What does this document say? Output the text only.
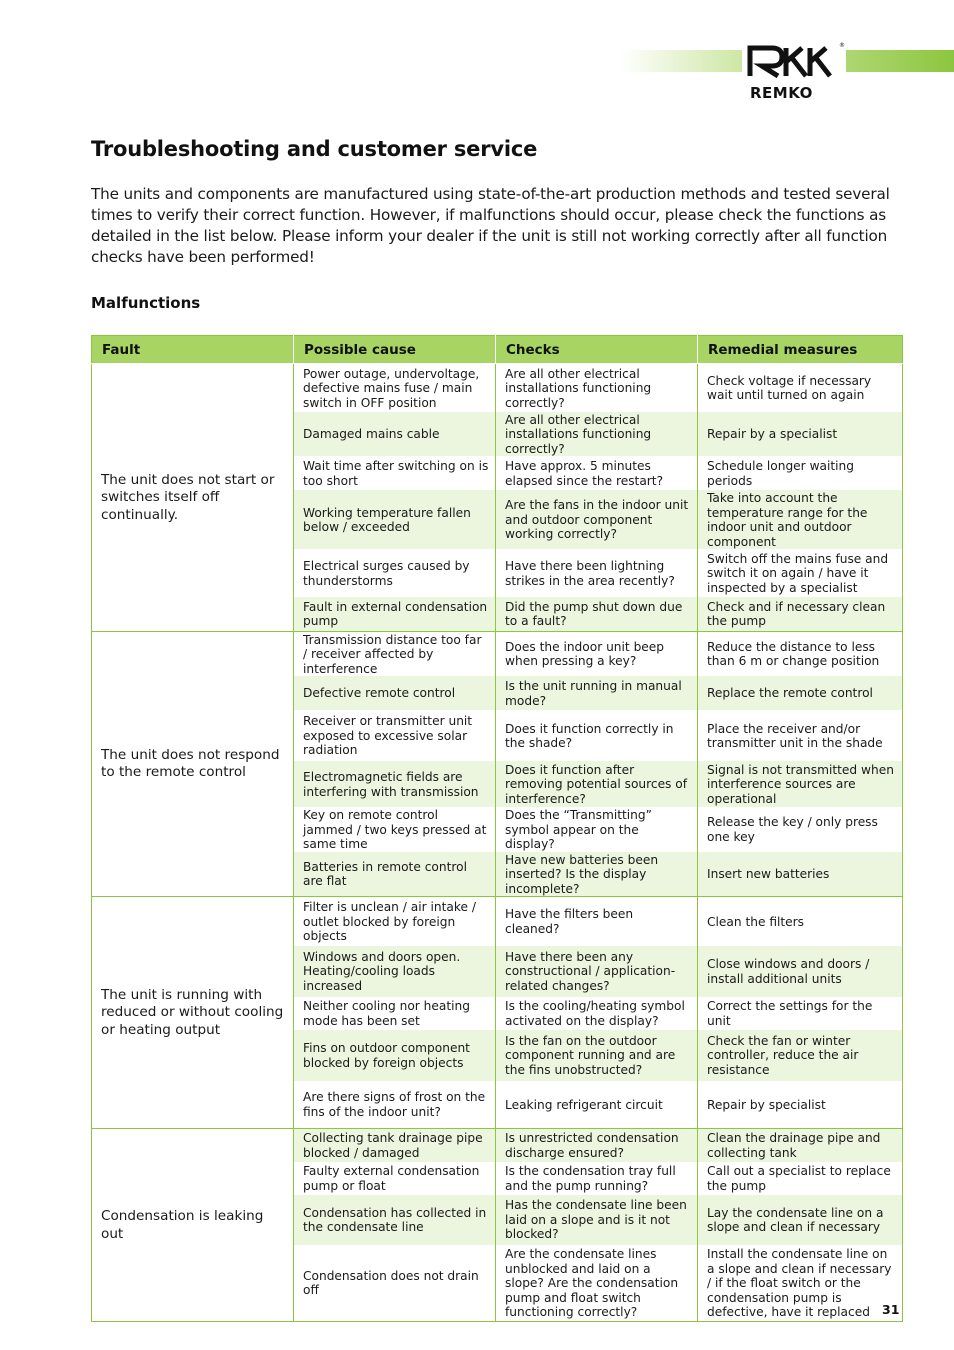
®
REMKO
Troubleshooting and customer service

The units and components are manufactured using state-of-the-art production methods and tested several times to verify their correct function. However, if malfunctions should occur, please check the functions as detailed in the list below. Please inform your dealer if the unit is still not working correctly after all function checks have been performed!

Malfunctions
Fault	Possible cause	Checks	Remedial measures
The unit does not start or switches itself off continually.	Power outage, undervoltage, defective mains fuse / main switch in OFF position	Are all other electrical installations functioning correctly?	Check voltage if necessary wait until turned on again
	Damaged mains cable	Are all other electrical installations functioning correctly?	Repair by a specialist
	Wait time after switching on is too short	Have approx. 5 minutes elapsed since the restart?	Schedule longer waiting periods
	Working temperature fallen below / exceeded	Are the fans in the indoor unit and outdoor component working correctly?	Take into account the temperature range for the indoor unit and outdoor component
	Electrical surges caused by thunderstorms	Have there been lightning strikes in the area recently?	Switch off the mains fuse and switch it on again / have it inspected by a specialist
	Fault in external condensation pump	Did the pump shut down due to a fault?	Check and if necessary clean the pump
The unit does not respond to the remote control	Transmission distance too far / receiver affected by interference	Does the indoor unit beep when pressing a key?	Reduce the distance to less than 6 m or change position
	Defective remote control	Is the unit running in manual mode?	Replace the remote control
	Receiver or transmitter unit exposed to excessive solar radiation	Does it function correctly in the shade?	Place the receiver and/or transmitter unit in the shade
	Electromagnetic fields are interfering with transmission	Does it function after removing potential sources of interference?	Signal is not transmitted when interference sources are operational
	Key on remote control jammed / two keys pressed at same time	Does the “Transmitting” symbol appear on the display?	Release the key / only press one key
	Batteries in remote control are flat	Have new batteries been inserted? Is the display incomplete?	Insert new batteries
The unit is running with reduced or without cooling or heating output	Filter is unclean / air intake / outlet blocked by foreign objects	Have the filters been cleaned?	Clean the filters
	Windows and doors open. Heating/cooling loads increased	Have there been any constructional / application-related changes?	Close windows and doors / install additional units
	Neither cooling nor heating mode has been set	Is the cooling/heating symbol activated on the display?	Correct the settings for the unit
	Fins on outdoor component blocked by foreign objects	Is the fan on the outdoor component running and are the fins unobstructed?	Check the fan or winter controller, reduce the air resistance
	Are there signs of frost on the fins of the indoor unit?	Leaking refrigerant circuit	Repair by specialist
Condensation is leaking out	Collecting tank drainage pipe blocked / damaged	Is unrestricted condensation discharge ensured?	Clean the drainage pipe and collecting tank
	Faulty external condensation pump or float	Is the condensation tray full and the pump running?	Call out a specialist to replace the pump
	Condensation has collected in the condensate line	Has the condensate line been laid on a slope and is it not blocked?	Lay the condensate line on a slope and clean if necessary
	Condensation does not drain off	Are the condensate lines unblocked and laid on a slope? Are the condensation pump and float switch functioning correctly?	Install the condensate line on a slope and clean if necessary / if the float switch or the condensation pump is defective, have it replaced 31
